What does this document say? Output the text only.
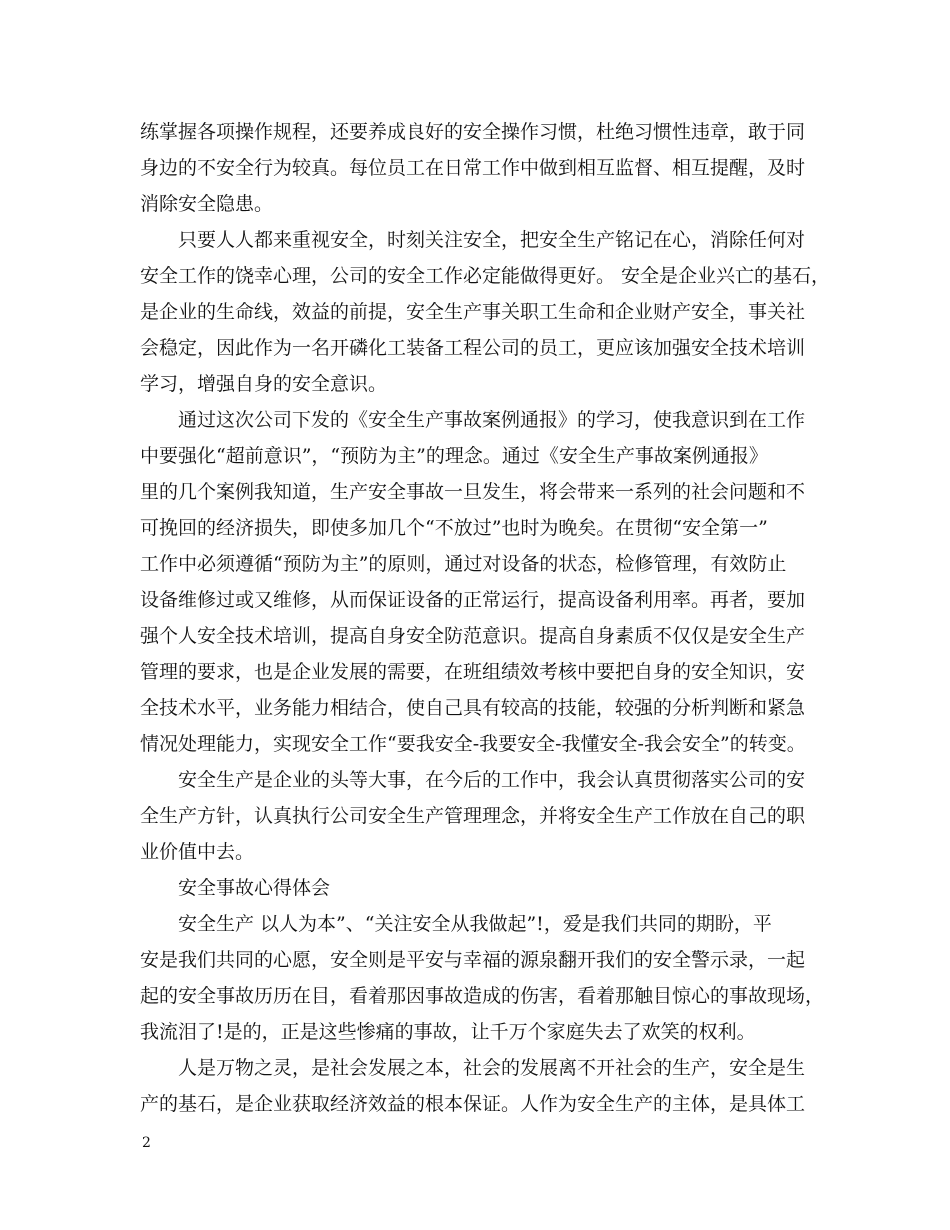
练掌握各项操作规程，还要养成良好的安全操作习惯，杜绝习惯性违章，敢于同
身边的不安全行为较真。每位员工在日常工作中做到相互监督、相互提醒，及时
消除安全隐患。
只要人人都来重视安全，时刻关注安全，把安全生产铭记在心，消除任何对
安全工作的饶幸心理，公司的安全工作必定能做得更好。 安全是企业兴亡的基石，
是企业的生命线，效益的前提，安全生产事关职工生命和企业财产安全，事关社
会稳定，因此作为一名开磷化工装备工程公司的员工，更应该加强安全技术培训
学习，增强自身的安全意识。
通过这次公司下发的《安全生产事故案例通报》的学习，使我意识到在工作
中要强化“超前意识”，“预防为主”的理念。通过《安全生产事故案例通报》
里的几个案例我知道，生产安全事故一旦发生，将会带来一系列的社会问题和不
可挽回的经济损失，即使多加几个“不放过”也时为晚矣。在贯彻“安全第一”
工作中必须遵循“预防为主”的原则，通过对设备的状态，检修管理，有效防止
设备维修过或又维修，从而保证设备的正常运行，提高设备利用率。再者，要加
强个人安全技术培训，提高自身安全防范意识。提高自身素质不仅仅是安全生产
管理的要求，也是企业发展的需要，在班组绩效考核中要把自身的安全知识，安
全技术水平，业务能力相结合，使自己具有较高的技能，较强的分析判断和紧急
情况处理能力，实现安全工作“要我安全-我要安全-我懂安全-我会安全”的转变。
安全生产是企业的头等大事，在今后的工作中，我会认真贯彻落实公司的安
全生产方针，认真执行公司安全生产管理理念，并将安全生产工作放在自己的职
业价值中去。
安全事故心得体会
安全生产 以人为本”、“关注安全从我做起”!，爱是我们共同的期盼，平
安是我们共同的心愿，安全则是平安与幸福的源泉翻开我们的安全警示录，一起
起的安全事故历历在目，看着那因事故造成的伤害，看着那触目惊心的事故现场，
我流泪了!是的，正是这些惨痛的事故，让千万个家庭失去了欢笑的权利。
人是万物之灵，是社会发展之本，社会的发展离不开社会的生产，安全是生
产的基石，是企业获取经济效益的根本保证。人作为安全生产的主体，是具体工
2
